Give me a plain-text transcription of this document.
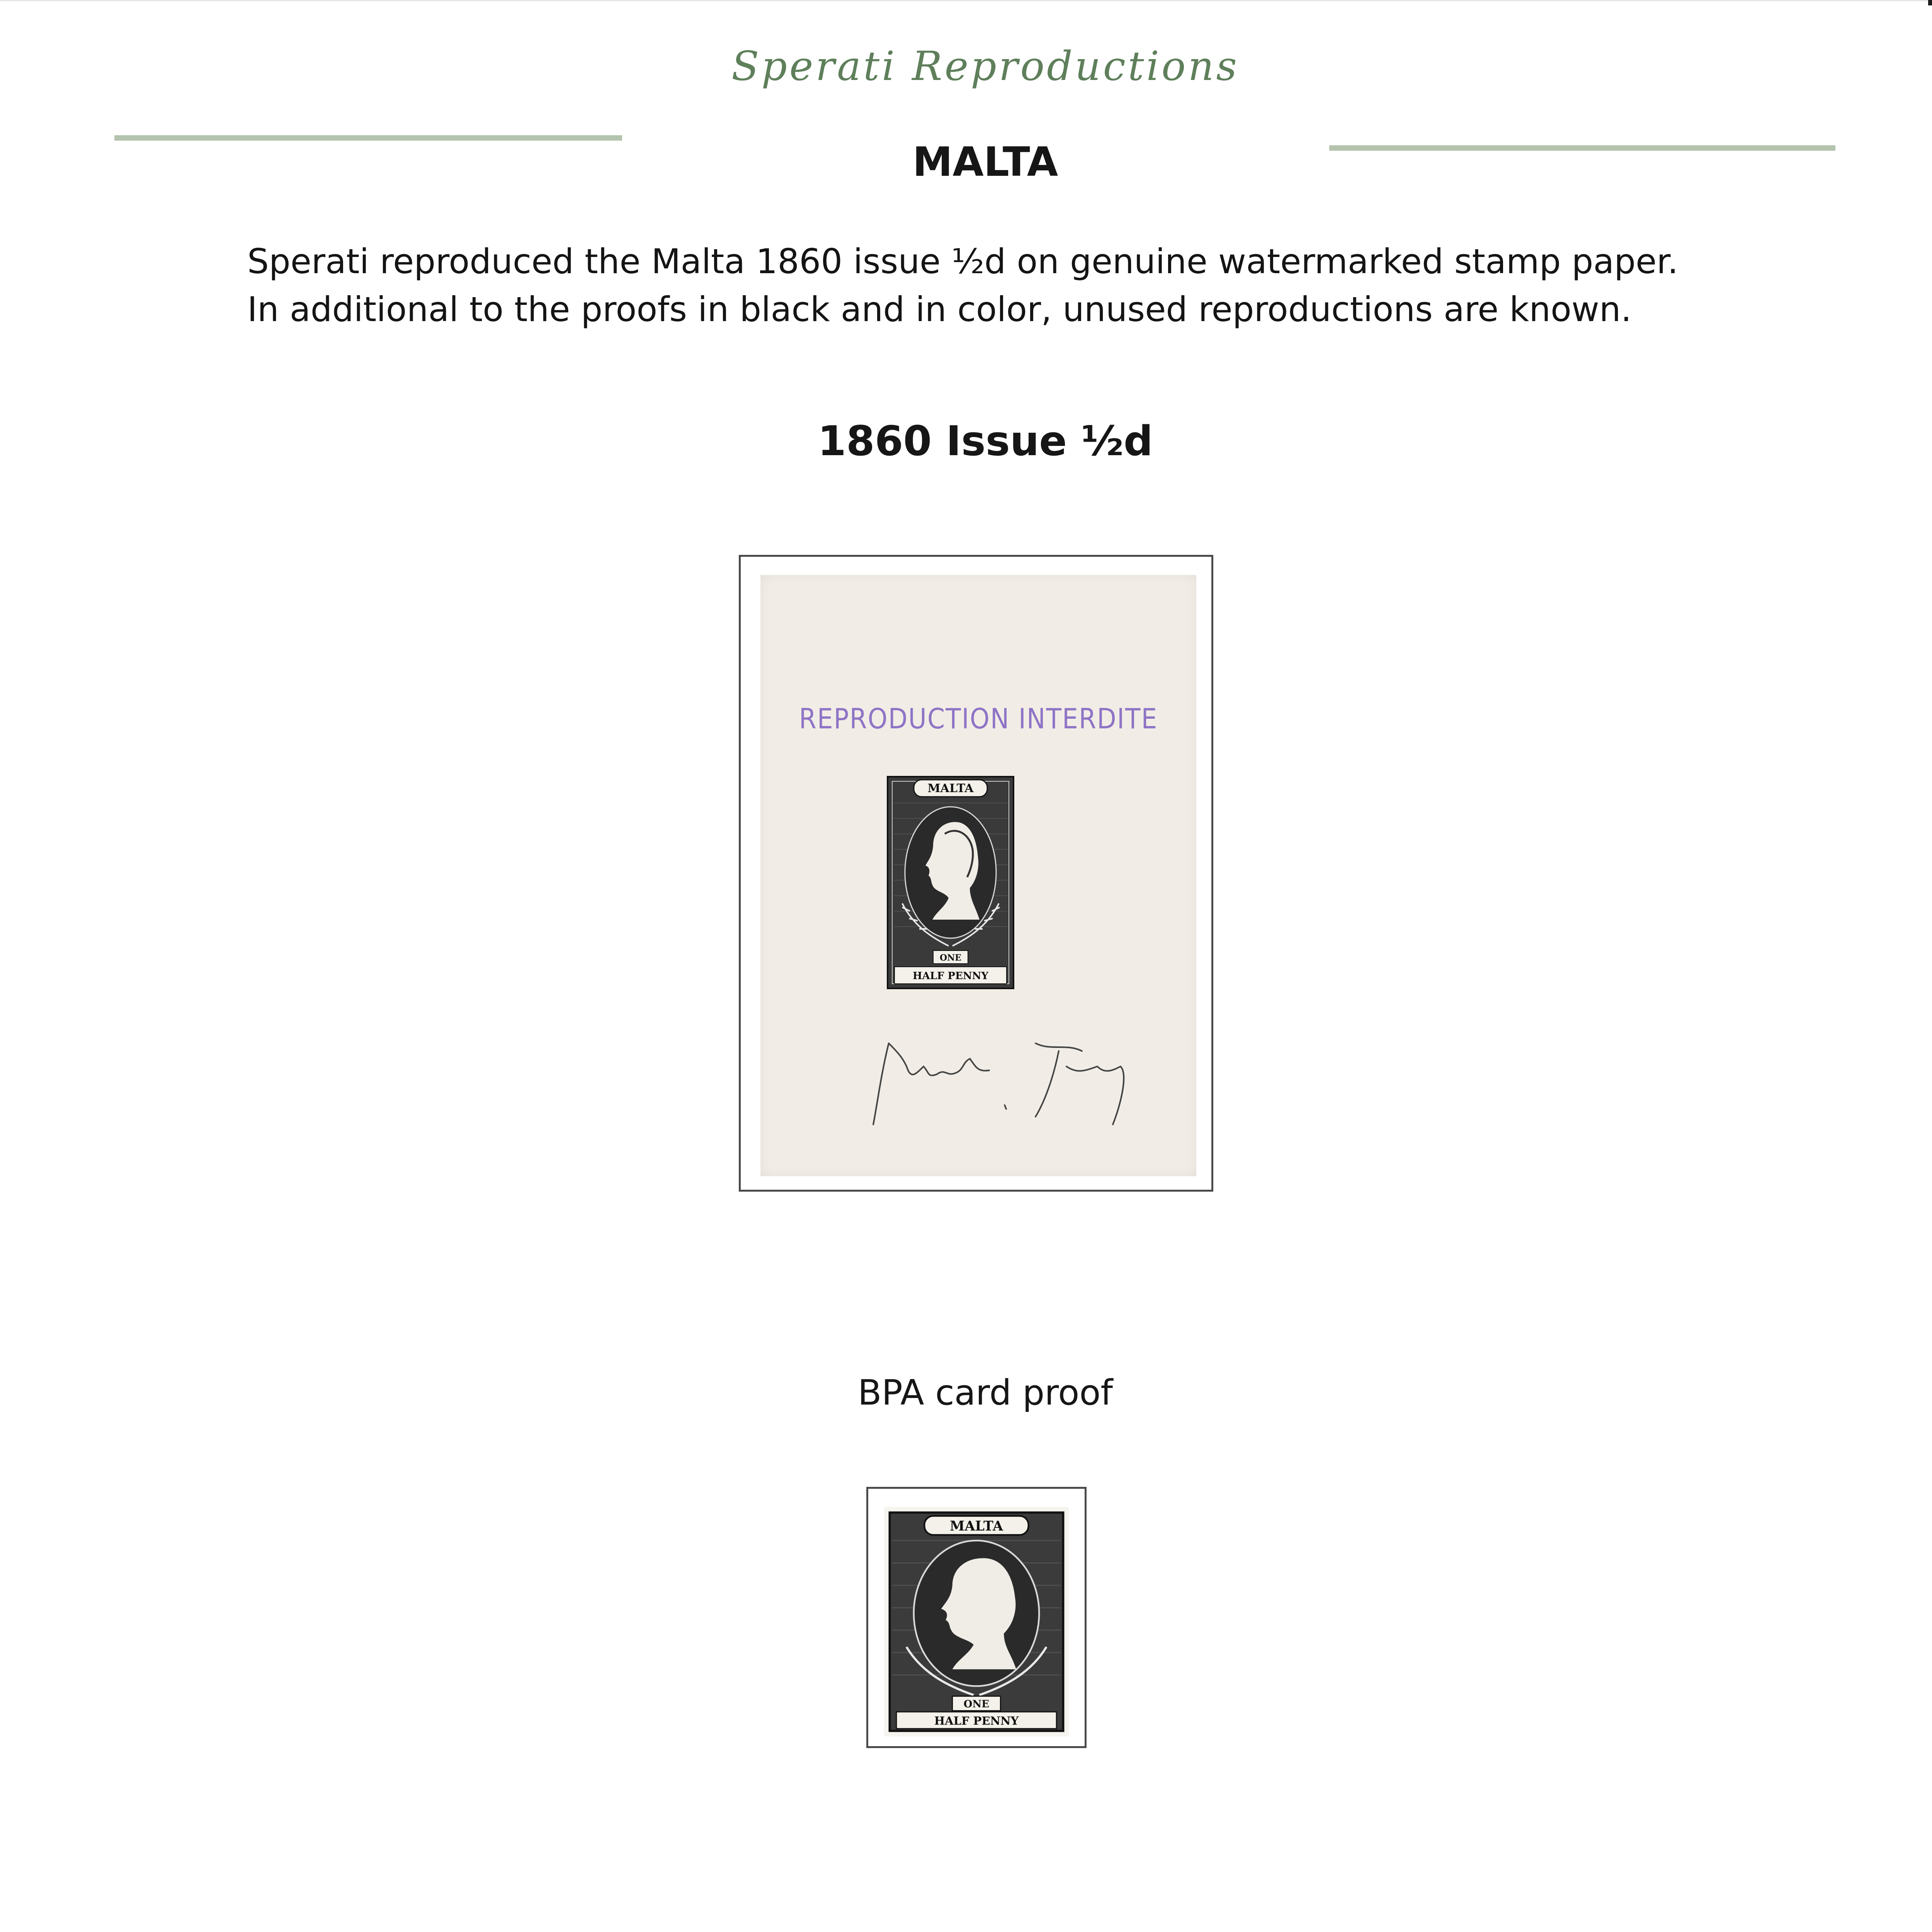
Sperati Reproductions
MALTA
Sperati reproduced the Malta 1860 issue ½d on genuine watermarked stamp paper.
In additional to the proofs in black and in color, unused reproductions are known.
1860 Issue ½d
REPRODUCTION INTERDITE
MALTA
ONE
HALF PENNY
BPA card proof
MALTA
ONE
HALF PENNY
